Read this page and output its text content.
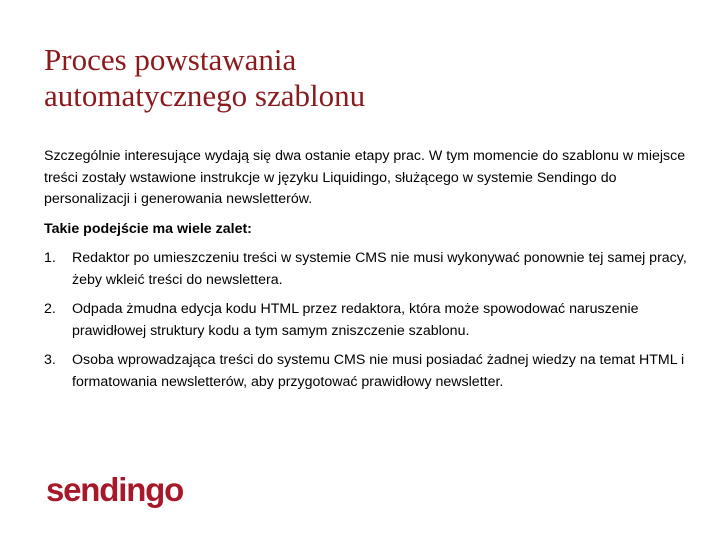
Proces powstawania
automatycznego szablonu

Szczególnie interesujące wydają się dwa ostanie etapy prac. W tym momencie do szablonu w miejsce treści zostały wstawione instrukcje w języku Liquidingo, służącego w systemie Sendingo do personalizacji i generowania newsletterów.

Takie podejście ma wiele zalet:

1. Redaktor po umieszczeniu treści w systemie CMS nie musi wykonywać ponownie tej samej pracy, żeby wkleić treści do newslettera.
2. Odpada żmudna edycja kodu HTML przez redaktora, która może spowodować naruszenie prawidłowej struktury kodu a tym samym zniszczenie szablonu.
3. Osoba wprowadzająca treści do systemu CMS nie musi posiadać żadnej wiedzy na temat HTML i formatowania newsletterów, aby przygotować prawidłowy newsletter.
sendingo
